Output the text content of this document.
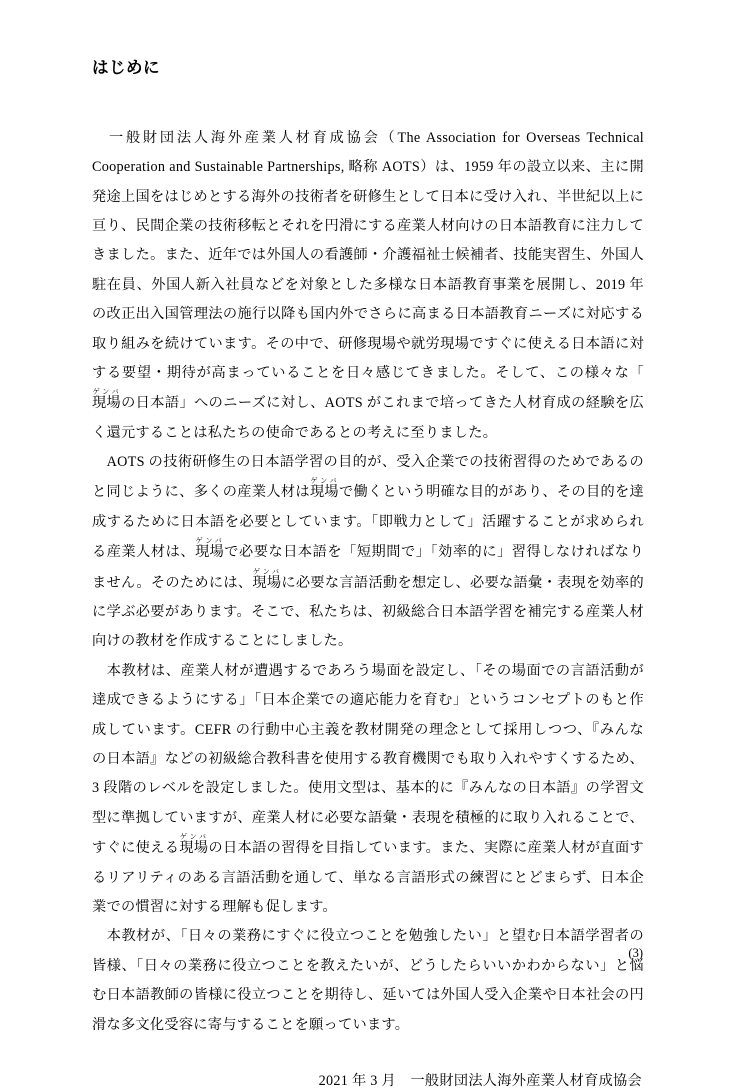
はじめに

　一般財団法人海外産業人材育成協会（The Association for Overseas Technical Cooperation and Sustainable Partnerships, 略称 AOTS）は、1959 年の設立以来、主に開発途上国をはじめとする海外の技術者を研修生として日本に受け入れ、半世紀以上に亘り、民間企業の技術移転とそれを円滑にする産業人材向けの日本語教育に注力してきました。また、近年では外国人の看護師・介護福祉士候補者、技能実習生、外国人駐在員、外国人新入社員などを対象とした多様な日本語教育事業を展開し、2019 年の改正出入国管理法の施行以降も国内外でさらに高まる日本語教育ニーズに対応する取り組みを続けています。その中で、研修現場や就労現場ですぐに使える日本語に対する要望・期待が高まっていることを日々感じてきました。そして、この様々な「現場ゲンバの日本語」へのニーズに対し、AOTS がこれまで培ってきた人材育成の経験を広く還元することは私たちの使命であるとの考えに至りました。

　AOTS の技術研修生の日本語学習の目的が、受入企業での技術習得のためであるのと同じように、多くの産業人材は現場ゲンバで働くという明確な目的があり、その目的を達成するために日本語を必要としています。「即戦力として」活躍することが求められる産業人材は、現場ゲンバで必要な日本語を「短期間で」「効率的に」習得しなければなりません。そのためには、現場ゲンバに必要な言語活動を想定し、必要な語彙・表現を効率的に学ぶ必要があります。そこで、私たちは、初級総合日本語学習を補完する産業人材向けの教材を作成することにしました。

　本教材は、産業人材が遭遇するであろう場面を設定し、「その場面での言語活動が達成できるようにする」「日本企業での適応能力を育む」というコンセプトのもと作成しています。CEFR の行動中心主義を教材開発の理念として採用しつつ、『みんなの日本語』などの初級総合教科書を使用する教育機関でも取り入れやすくするため、3 段階のレベルを設定しました。使用文型は、基本的に『みんなの日本語』の学習文型に準拠していますが、産業人材に必要な語彙・表現を積極的に取り入れることで、すぐに使える現場ゲンバの日本語の習得を目指しています。また、実際に産業人材が直面するリアリティのある言語活動を通して、単なる言語形式の練習にとどまらず、日本企業での慣習に対する理解も促します。

　本教材が、「日々の業務にすぐに役立つことを勉強したい」と望む日本語学習者の皆様、「日々の業務に役立つことを教えたいが、どうしたらいいかわからない」と悩む日本語教師の皆様に役立つことを期待し、延いては外国人受入企業や日本社会の円滑な多文化受容に寄与することを願っています。

2021 年 3 月　一般財団法人海外産業人材育成協会
(3)
